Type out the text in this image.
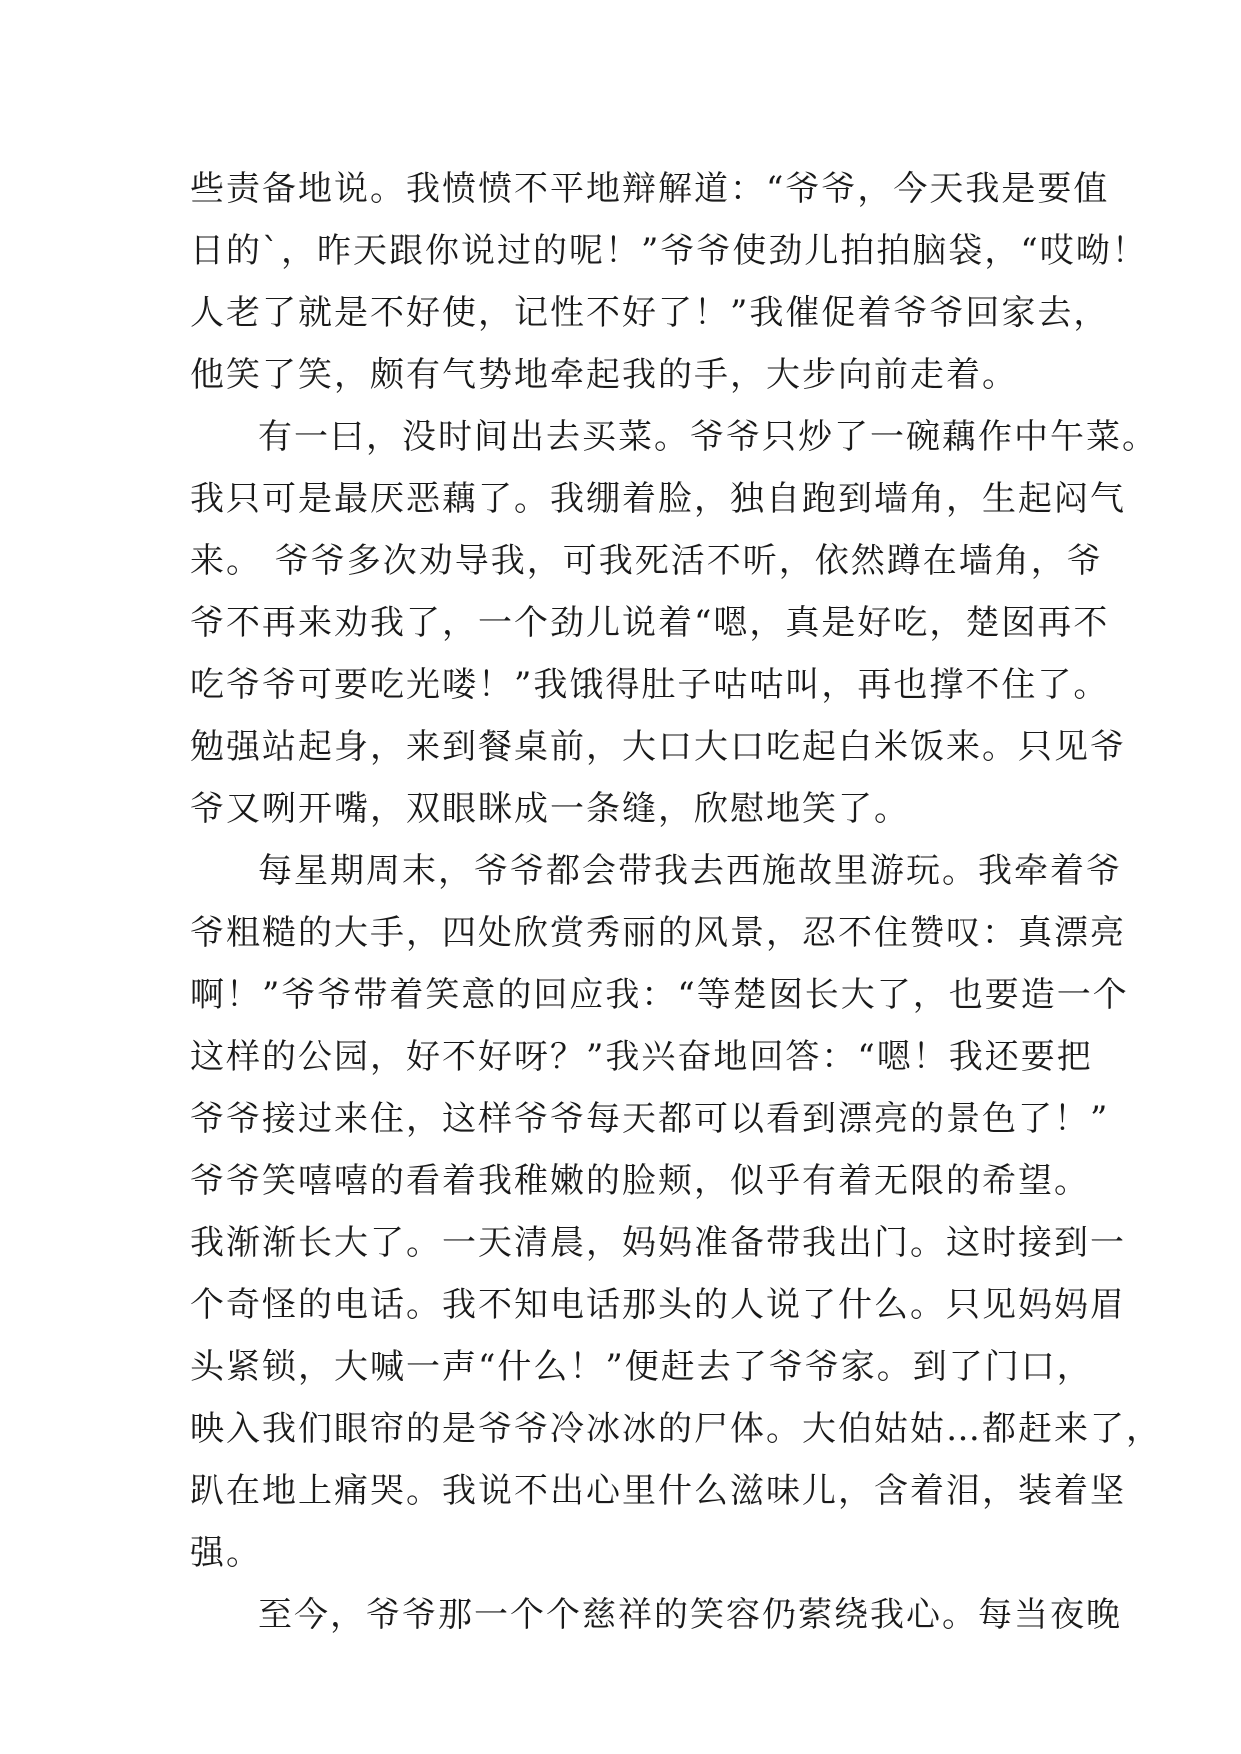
些责备地说。我愤愤不平地辩解道：“爷爷，今天我是要值
日的`，昨天跟你说过的呢！”爷爷使劲儿拍拍脑袋，“哎呦！
人老了就是不好使，记性不好了！”我催促着爷爷回家去，
他笑了笑，颇有气势地牵起我的手，大步向前走着。
有一曰，没时间出去买菜。爷爷只炒了一碗藕作中午菜。
我只可是最厌恶藕了。我绷着脸，独自跑到墙角，生起闷气
来。 爷爷多次劝导我，可我死活不听，依然蹲在墙角，爷
爷不再来劝我了，一个劲儿说着“嗯，真是好吃，楚囡再不
吃爷爷可要吃光喽！”我饿得肚子咕咕叫，再也撑不住了。
勉强站起身，来到餐桌前，大口大口吃起白米饭来。只见爷
爷又咧开嘴，双眼眯成一条缝，欣慰地笑了。
每星期周末，爷爷都会带我去西施故里游玩。我牵着爷
爷粗糙的大手，四处欣赏秀丽的风景，忍不住赞叹：真漂亮
啊！”爷爷带着笑意的回应我：“等楚囡长大了，也要造一个
这样的公园，好不好呀？”我兴奋地回答：“嗯！我还要把
爷爷接过来住，这样爷爷每天都可以看到漂亮的景色了！”
爷爷笑嘻嘻的看着我稚嫩的脸颊，似乎有着无限的希望。
我渐渐长大了。一天清晨，妈妈准备带我出门。这时接到一
个奇怪的电话。我不知电话那头的人说了什么。只见妈妈眉
头紧锁，大喊一声“什么！”便赶去了爷爷家。到了门口，
映入我们眼帘的是爷爷冷冰冰的尸体。大伯姑姑…都赶来了，
趴在地上痛哭。我说不出心里什么滋味儿，含着泪，装着坚
强。
至今，爷爷那一个个慈祥的笑容仍萦绕我心。每当夜晚
